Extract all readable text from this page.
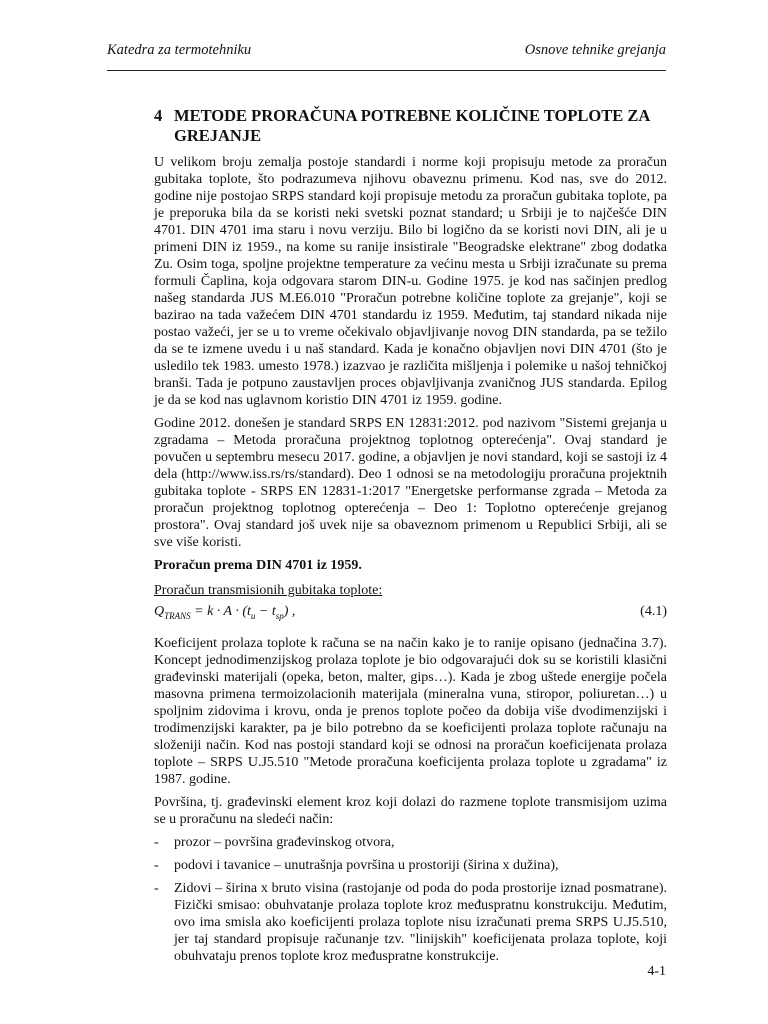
Katedra za termotehniku	Osnove tehnike grejanja
4 METODE PRORAČUNA POTREBNE KOLIČINE TOPLOTE ZA GREJANJE

U velikom broju zemalja postoje standardi i norme koji propisuju metode za proračun gubitaka toplote, što podrazumeva njihovu obaveznu primenu. Kod nas, sve do 2012. godine nije postojao SRPS standard koji propisuje metodu za proračun gubitaka toplote, pa je preporuka bila da se koristi neki svetski poznat standard; u Srbiji je to najčešće DIN 4701. DIN 4701 ima staru i novu verziju. Bilo bi logično da se koristi novi DIN, ali je u primeni DIN iz 1959., na kome su ranije insistirale "Beogradske elektrane" zbog dodatka Zu. Osim toga, spoljne projektne temperature za većinu mesta u Srbiji izračunate su prema formuli Čaplina, koja odgovara starom DIN-u. Godine 1975. je kod nas sačinjen predlog našeg standarda JUS M.E6.010 "Proračun potrebne količine toplote za grejanje", koji se bazirao na tada važećem DIN 4701 standardu iz 1959. Međutim, taj standard nikada nije postao važeći, jer se u to vreme očekivalo objavljivanje novog DIN standarda, pa se težilo da se te izmene uvedu i u naš standard. Kada je konačno objavljen novi DIN 4701 (što je usledilo tek 1983. umesto 1978.) izazvao je različita mišljenja i polemike u našoj tehničkoj branši. Tada je potpuno zaustavljen proces objavljivanja zvaničnog JUS standarda. Epilog je da se kod nas uglavnom koristio DIN 4701 iz 1959. godine.

Godine 2012. donešen je standard SRPS EN 12831:2012. pod nazivom "Sistemi grejanja u zgradama – Metoda proračuna projektnog toplotnog opterećenja". Ovaj standard je povučen u septembru mesecu 2017. godine, a objavljen je novi standard, koji se sastoji iz 4 dela (http://www.iss.rs/rs/standard). Deo 1 odnosi se na metodologiju proračuna projektnih gubitaka toplote - SRPS EN 12831-1:2017 "Energetske performanse zgrada – Metoda za proračun projektnog toplotnog opterećenja – Deo 1: Toplotno opterećenje grejanog prostora". Ovaj standard još uvek nije sa obaveznom primenom u Republici Srbiji, ali se sve više koristi.

Proračun prema DIN 4701 iz 1959.
Proračun transmisionih gubitaka toplote:
$Q_{TRANS} = k \cdot A \cdot (t_u - t_{sp})$ ,	(4.1)

Koeficijent prolaza toplote k računa se na način kako je to ranije opisano (jednačina 3.7). Koncept jednodimenzijskog prolaza toplote je bio odgovarajući dok su se koristili klasični građevinski materijali (opeka, beton, malter, gips…). Kada je zbog uštede energije počela masovna primena termoizolacionih materijala (mineralna vuna, stiropor, poliuretan…) u spoljnim zidovima i krovu, onda je prenos toplote počeo da dobija više dvodimenzijski i trodimenzijski karakter, pa je bilo potrebno da se koeficijenti prolaza toplote računaju na složeniji način. Kod nas postoji standard koji se odnosi na proračun koeficijenata prolaza toplote – SRPS U.J5.510 "Metode proračuna koeficijenta prolaza toplote u zgradama" iz 1987. godine.

Površina, tj. građevinski element kroz koji dolazi do razmene toplote transmisijom uzima se u proračunu na sledeći način:

- prozor – površina građevinskog otvora,
- podovi i tavanice – unutrašnja površina u prostoriji (širina x dužina),
- Zidovi – širina x bruto visina (rastojanje od poda do poda prostorije iznad posmatrane). Fizički smisao: obuhvatanje prolaza toplote kroz međuspratnu konstrukciju. Međutim, ovo ima smisla ako koeficijenti prolaza toplote nisu izračunati prema SRPS U.J5.510, jer taj standard propisuje računanje tzv. "linijskih" koeficijenata prolaza toplote, koji obuhvataju prenos toplote kroz međuspratne konstrukcije.
4-1
